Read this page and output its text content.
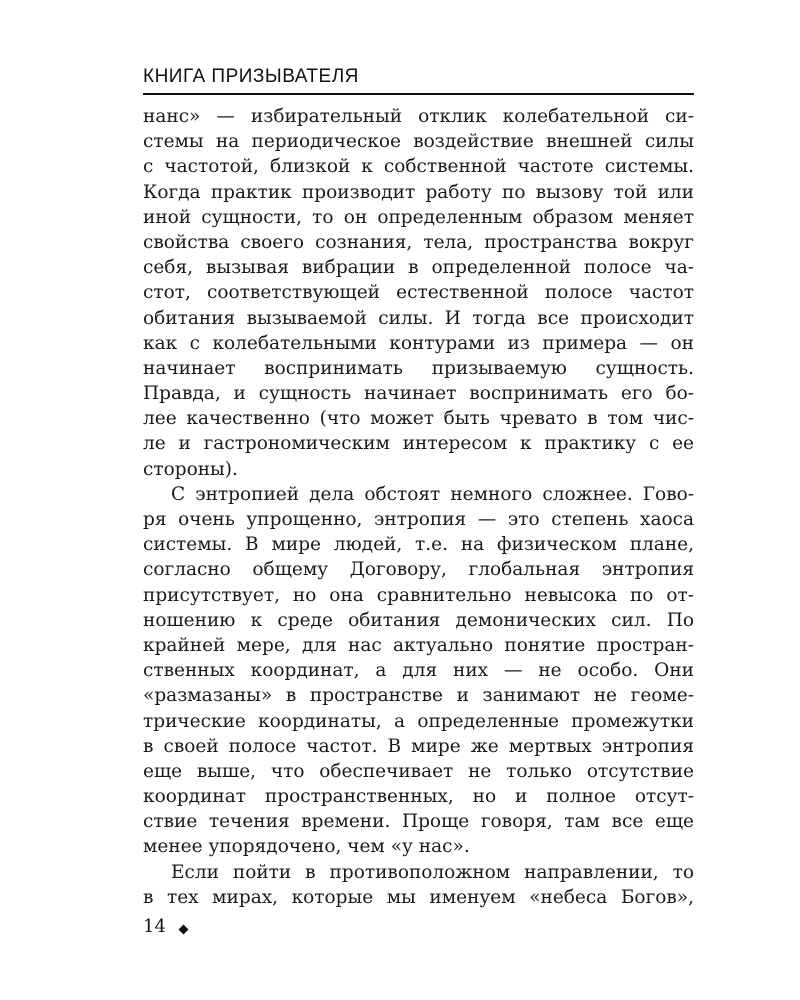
КНИГА ПРИЗЫВАТЕЛЯ
нанс» — избирательный отклик колебательной си-
стемы на периодическое воздействие внешней силы
с частотой, близкой к собственной частоте системы.
Когда практик производит работу по вызову той или
иной сущности, то он определенным образом меняет
свойства своего сознания, тела, пространства вокруг
себя, вызывая вибрации в определенной полосе ча-
стот, соответствующей естественной полосе частот
обитания вызываемой силы. И тогда все происходит
как с колебательными контурами из примера — он
начинает воспринимать призываемую сущность.
Правда, и сущность начинает воспринимать его бо-
лее качественно (что может быть чревато в том чис-
ле и гастрономическим интересом к практику с ее
стороны).
С энтропией дела обстоят немного сложнее. Гово-
ря очень упрощенно, энтропия — это степень хаоса
системы. В мире людей, т.е. на физическом плане,
согласно общему Договору, глобальная энтропия
присутствует, но она сравнительно невысока по от-
ношению к среде обитания демонических сил. По
крайней мере, для нас актуально понятие простран-
ственных координат, а для них — не особо. Они
«размазаны» в пространстве и занимают не геоме-
трические координаты, а определенные промежутки
в своей полосе частот. В мире же мертвых энтропия
еще выше, что обеспечивает не только отсутствие
координат пространственных, но и полное отсут-
ствие течения времени. Проще говоря, там все еще
менее упорядочено, чем «у нас».
Если пойти в противоположном направлении, то
в тех мирах, которые мы именуем «небеса Богов»,
14
